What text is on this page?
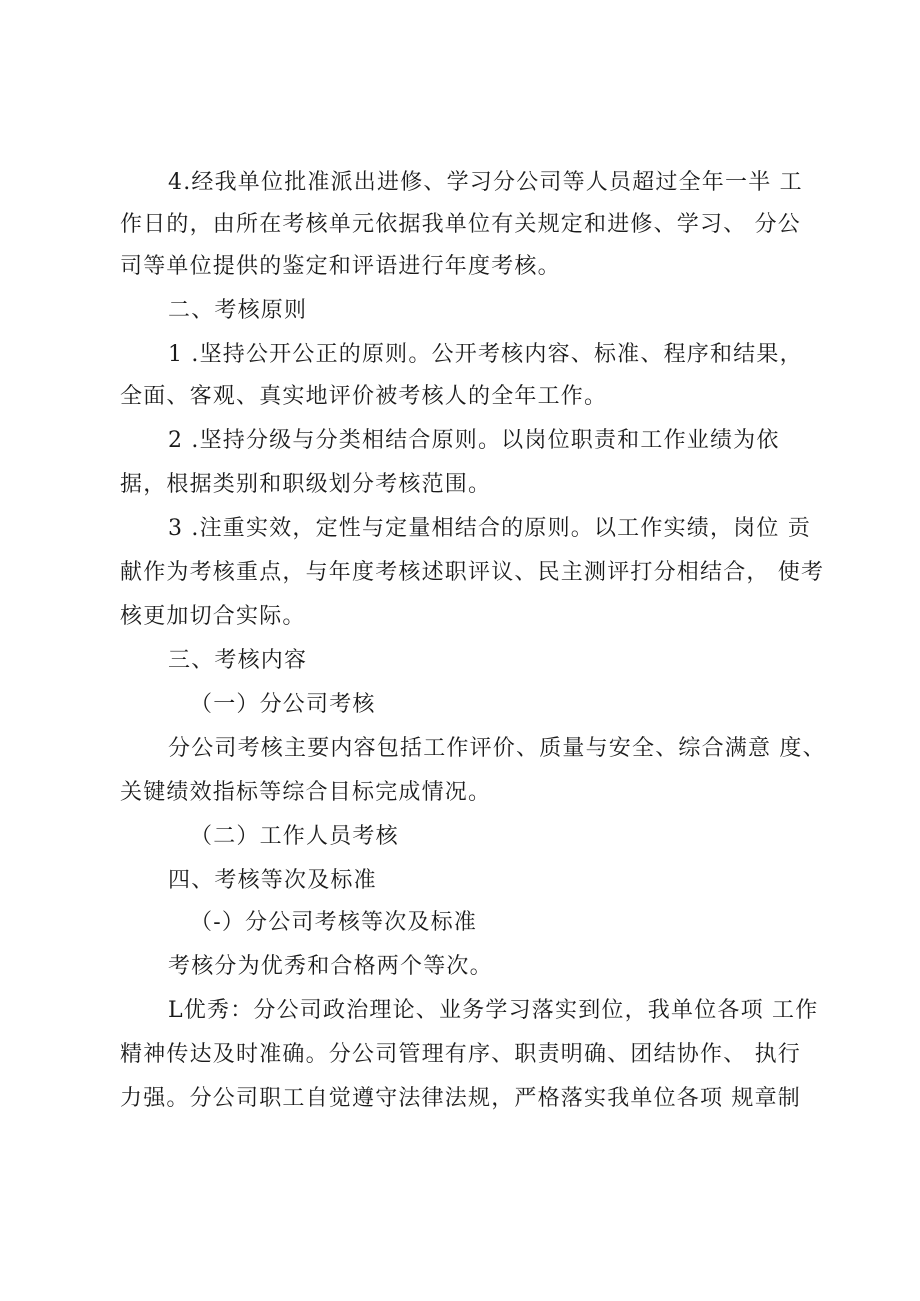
4.经我单位批准派出进修、学习分公司等人员超过全年一半 工
作日的，由所在考核单元依据我单位有关规定和进修、学习、 分公
司等单位提供的鉴定和评语进行年度考核。
二、考核原则
1 .坚持公开公正的原则。公开考核内容、标准、程序和结果，
全面、客观、真实地评价被考核人的全年工作。
2 .坚持分级与分类相结合原则。以岗位职责和工作业绩为依
据，根据类别和职级划分考核范围。
3 .注重实效，定性与定量相结合的原则。以工作实绩，岗位 贡
献作为考核重点，与年度考核述职评议、民主测评打分相结合， 使考
核更加切合实际。
三、考核内容
（一）分公司考核
分公司考核主要内容包括工作评价、质量与安全、综合满意 度、
关键绩效指标等综合目标完成情况。
（二）工作人员考核
四、考核等次及标准
（-）分公司考核等次及标准
考核分为优秀和合格两个等次。
L优秀：分公司政治理论、业务学习落实到位，我单位各项 工作
精神传达及时准确。分公司管理有序、职责明确、团结协作、 执行
力强。分公司职工自觉遵守法律法规，严格落实我单位各项 规章制
